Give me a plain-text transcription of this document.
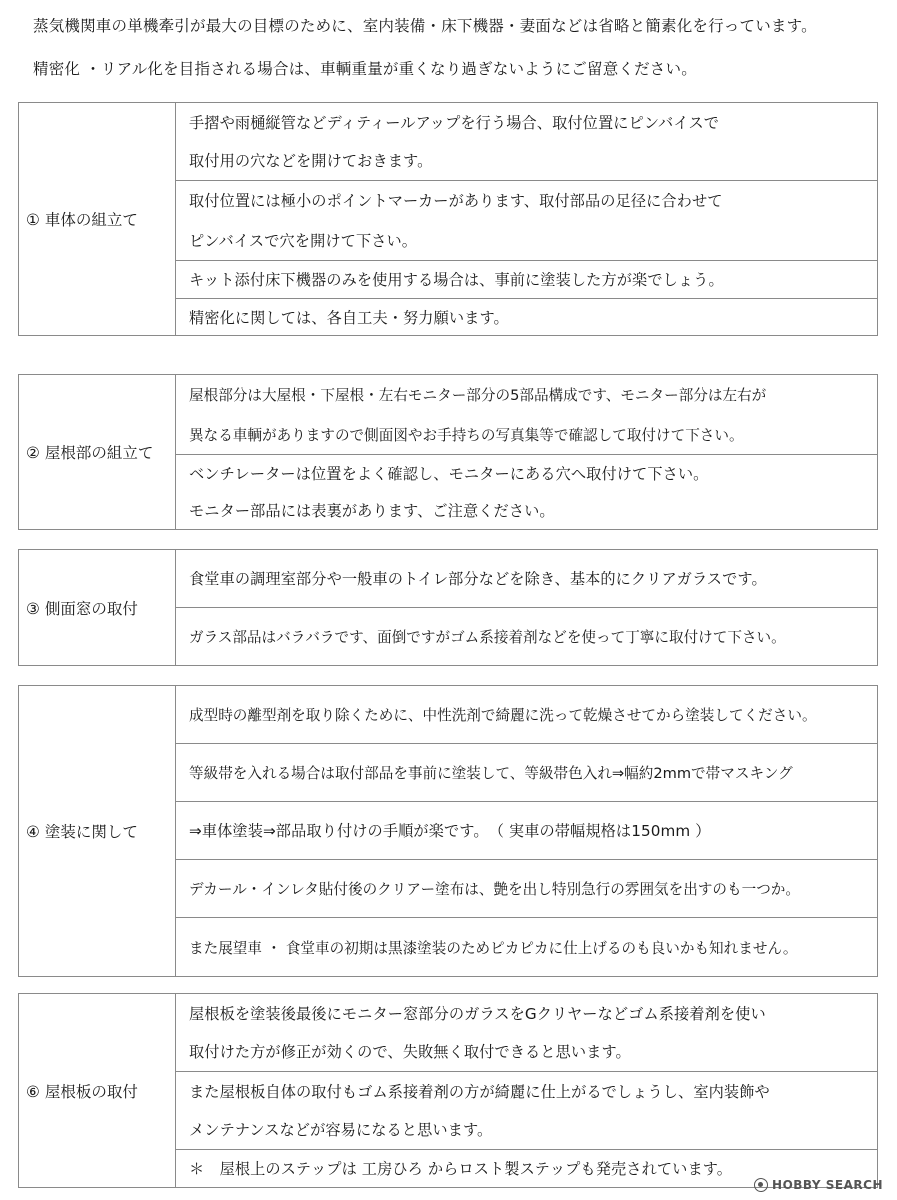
蒸気機関車の単機牽引が最大の目標のために、室内装備・床下機器・妻面などは省略と簡素化を行っています。
精密化 ・リアル化を目指される場合は、車輌重量が重くなり過ぎないようにご留意ください。
① 車体の組立て
手摺や雨樋縦管などディティールアップを行う場合、取付位置にピンバイスで
取付用の穴などを開けておきます。
取付位置には極小のポイントマーカーがあります、取付部品の足径に合わせて
ピンバイスで穴を開けて下さい。
キット添付床下機器のみを使用する場合は、事前に塗装した方が楽でしょう。
精密化に関しては、各自工夫・努力願います。
② 屋根部の組立て
屋根部分は大屋根・下屋根・左右モニター部分の5部品構成です、モニター部分は左右が
異なる車輌がありますので側面図やお手持ちの写真集等で確認して取付けて下さい。
ベンチレーターは位置をよく確認し、モニターにある穴へ取付けて下さい。
モニター部品には表裏があります、ご注意ください。
③ 側面窓の取付
食堂車の調理室部分や一般車のトイレ部分などを除き、基本的にクリアガラスです。
ガラス部品はバラバラです、面倒ですがゴム系接着剤などを使って丁寧に取付けて下さい。
④ 塗装に関して
成型時の離型剤を取り除くために、中性洗剤で綺麗に洗って乾燥させてから塗装してください。
等級帯を入れる場合は取付部品を事前に塗装して、等級帯色入れ⇒幅約2mmで帯マスキング
⇒車体塗装⇒部品取り付けの手順が楽です。　（ 実車の帯幅規格は150mm ）
デカール・インレタ貼付後のクリアー塗布は、艶を出し特別急行の雰囲気を出すのも一つか。
また展望車 ・ 食堂車の初期は黒漆塗装のためピカピカに仕上げるのも良いかも知れません。
⑥ 屋根板の取付
屋根板を塗装後最後にモニター窓部分のガラスをGクリヤーなどゴム系接着剤を使い
取付けた方が修正が効くので、失敗無く取付できると思います。
また屋根板自体の取付もゴム系接着剤の方が綺麗に仕上がるでしょうし、室内装飾や
メンテナンスなどが容易になると思います。
＊　屋根上のステップは 工房ひろ からロスト製ステップも発売されています。
HOBBY SEARCH
